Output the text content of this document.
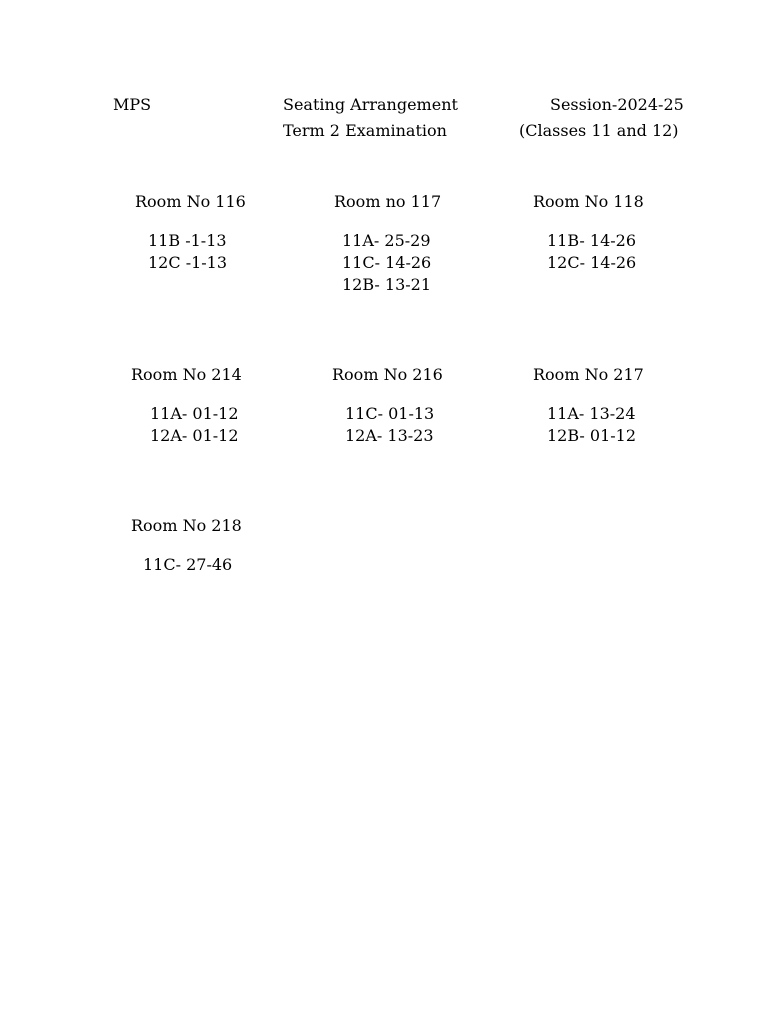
MPS	Seating Arrangement
Term 2 Examination
Session-2024-25
(Classes 11 and 12)
Room No 116
11B -1-13
12C -1-13
Room no 117
11A- 25-29
11C- 14-26
12B- 13-21
Room No 118
11B- 14-26
12C- 14-26
Room No 214
11A- 01-12
12A- 01-12
Room No 216
11C- 01-13
12A- 13-23
Room No 217
11A- 13-24
12B- 01-12
Room No 218
11C- 27-46
